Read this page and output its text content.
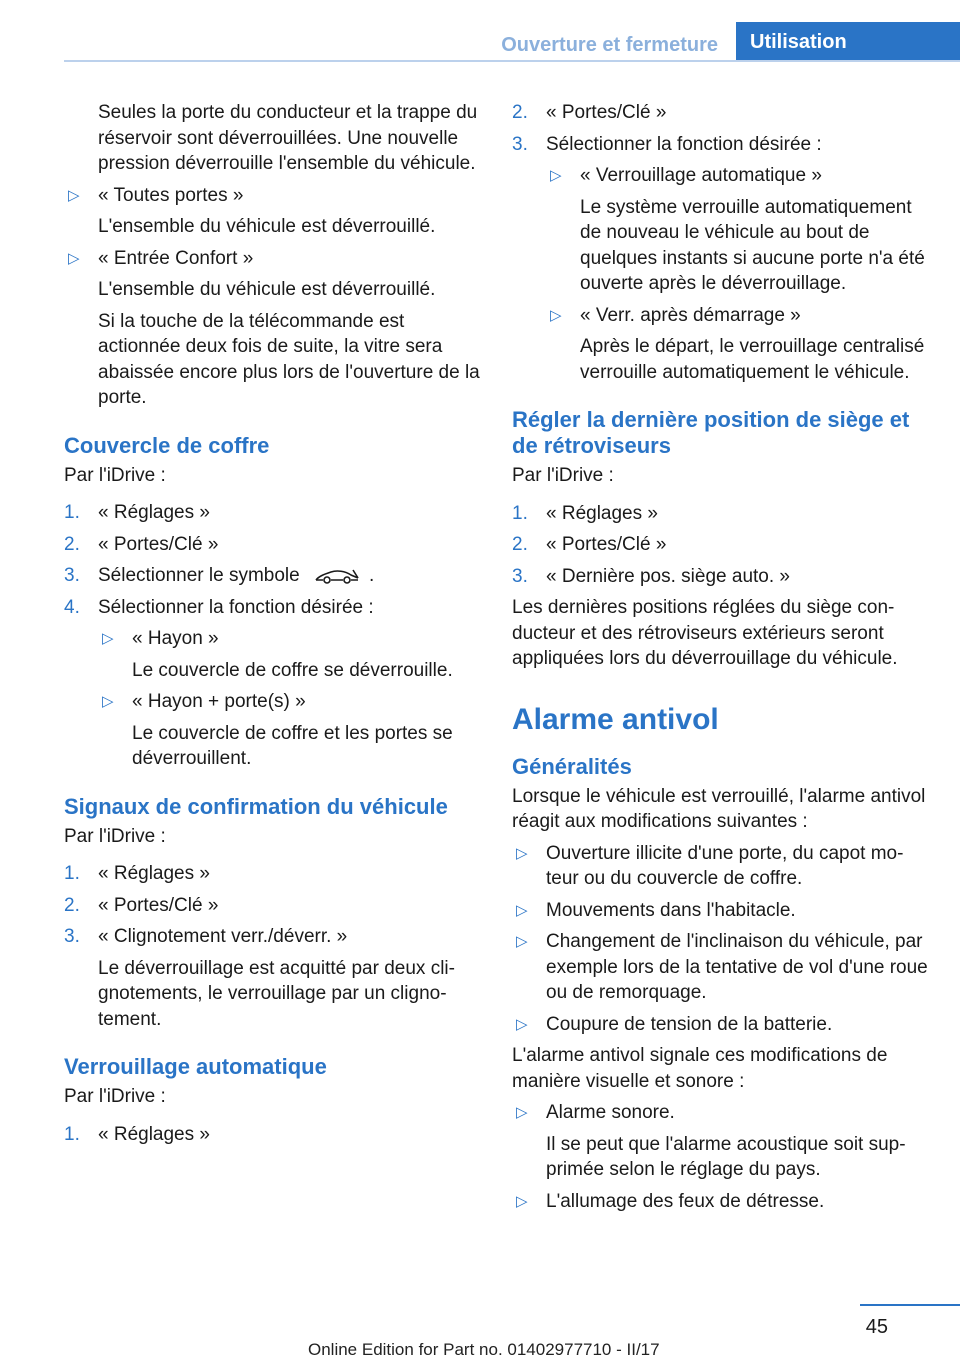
Ouverture et fermeture	Utilisation

Seules la porte du conducteur et la trappe du réservoir sont déverrouillées. Une nouvelle pression déverrouille l'ensemble du véhicule.

▷ « Toutes portes »

L'ensemble du véhicule est déverrouillé.

▷ « Entrée Confort »

L'ensemble du véhicule est déverrouillé.

Si la touche de la télécommande est actionnée deux fois de suite, la vitre sera abaissée encore plus lors de l'ouverture de la porte.

Couvercle de coffre

Par l'iDrive :

1. « Réglages »
2. « Portes/Clé »
3. Sélectionner le symbole	.
4. Sélectionner la fonction désirée :
▷ « Hayon »

Le couvercle de coffre se déverrouille.

▷ « Hayon + porte(s) »

Le couvercle de coffre et les portes se déverrouillent.

Signaux de confirmation du véhicule

Par l'iDrive :

1. « Réglages »
2. « Portes/Clé »
3. « Clignotement verr./déverr. »

Le déverrouillage est acquitté par deux clignotements, le verrouillage par un clignotement.

Verrouillage automatique

Par l'iDrive :

1. « Réglages »
2. « Portes/Clé »
3. Sélectionner la fonction désirée :
▷ « Verrouillage automatique »

Le système verrouille automatiquement de nouveau le véhicule au bout de quelques instants si aucune porte n'a été ouverte après le déverrouillage.

▷ « Verr. après démarrage »

Après le départ, le verrouillage centralisé verrouille automatiquement le véhicule.

Régler la dernière position de siège et de rétroviseurs

Par l'iDrive :

1. « Réglages »
2. « Portes/Clé »
3. « Dernière pos. siège auto. »

Les dernières positions réglées du siège conducteur et des rétroviseurs extérieurs seront appliquées lors du déverrouillage du véhicule.

Alarme antivol
Généralités

Lorsque le véhicule est verrouillé, l'alarme antivol réagit aux modifications suivantes :

▷ Ouverture illicite d'une porte, du capot moteur ou du couvercle de coffre.
▷ Mouvements dans l'habitacle.
▷ Changement de l'inclinaison du véhicule, par exemple lors de la tentative de vol d'une roue ou de remorquage.
▷ Coupure de tension de la batterie.

L'alarme antivol signale ces modifications de manière visuelle et sonore :

▷ Alarme sonore.

Il se peut que l'alarme acoustique soit supprimée selon le réglage du pays.

▷ L'allumage des feux de détresse.
45
Online Edition for Part no. 01402977710 - II/17
